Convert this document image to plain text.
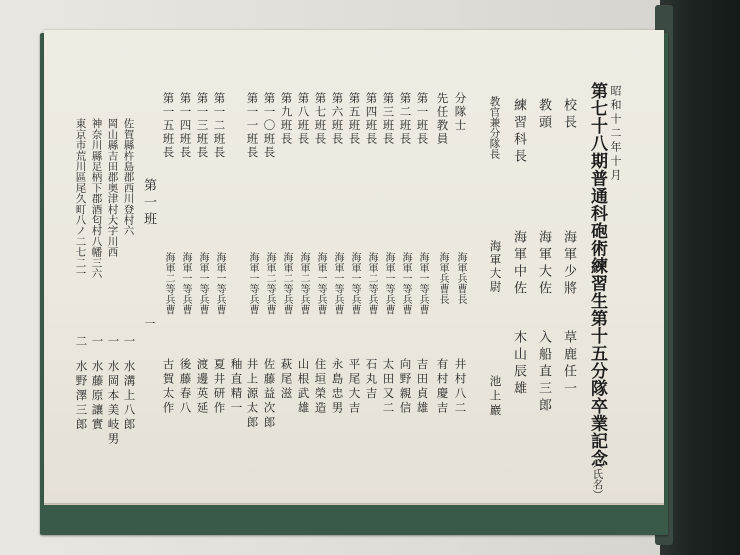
昭和十二年十月
第七十八期普通科砲術練習生第十五分隊卒業記念
（氏名）
校長
海軍少將
草鹿任一
教頭
海軍大佐
入船直三郎
練習科長
海軍中佐
木山辰雄
教官兼分隊長
海軍大尉
池上巖
分隊士
海軍兵曹長
井村八二
先任教員
海軍兵曹長
有村慶吉
第一班長
海軍一等兵曹
吉田貞雄
第二班長
海軍一等兵曹
向野親信
第三班長
海軍一等兵曹
太田又二
第四班長
海軍二等兵曹
石丸吉
第五班長
海軍一等兵曹
平尾大吉
第六班長
海軍一等兵曹
永島忠男
第七班長
海軍一等兵曹
住垣榮造
第八班長
海軍二等兵曹
山根武雄
第九班長
海軍二等兵曹
萩尾滋
第一〇班長
海軍二等兵曹
佐藤益次郎
第一一班長
海軍一等兵曹
井上源太郎
釉直精一
第一二班長
海軍一等兵曹
夏井研作
第一三班長
海軍一等兵曹
渡邊英延
第一四班長
海軍一等兵曹
後藤春八
第一五班長
海軍二等兵曹
古賀太作
第一班
一
佐賀縣杵島郡西川登村六
一
水溝上八郎
岡山縣吉田郡奥津村大字川西
一
水岡本美岐男
神奈川縣足柄下郡酒匂村八幡三六
一
水藤原讓實
東京市荒川區尾久町八ノ二七二一
二
水野澤三郎
